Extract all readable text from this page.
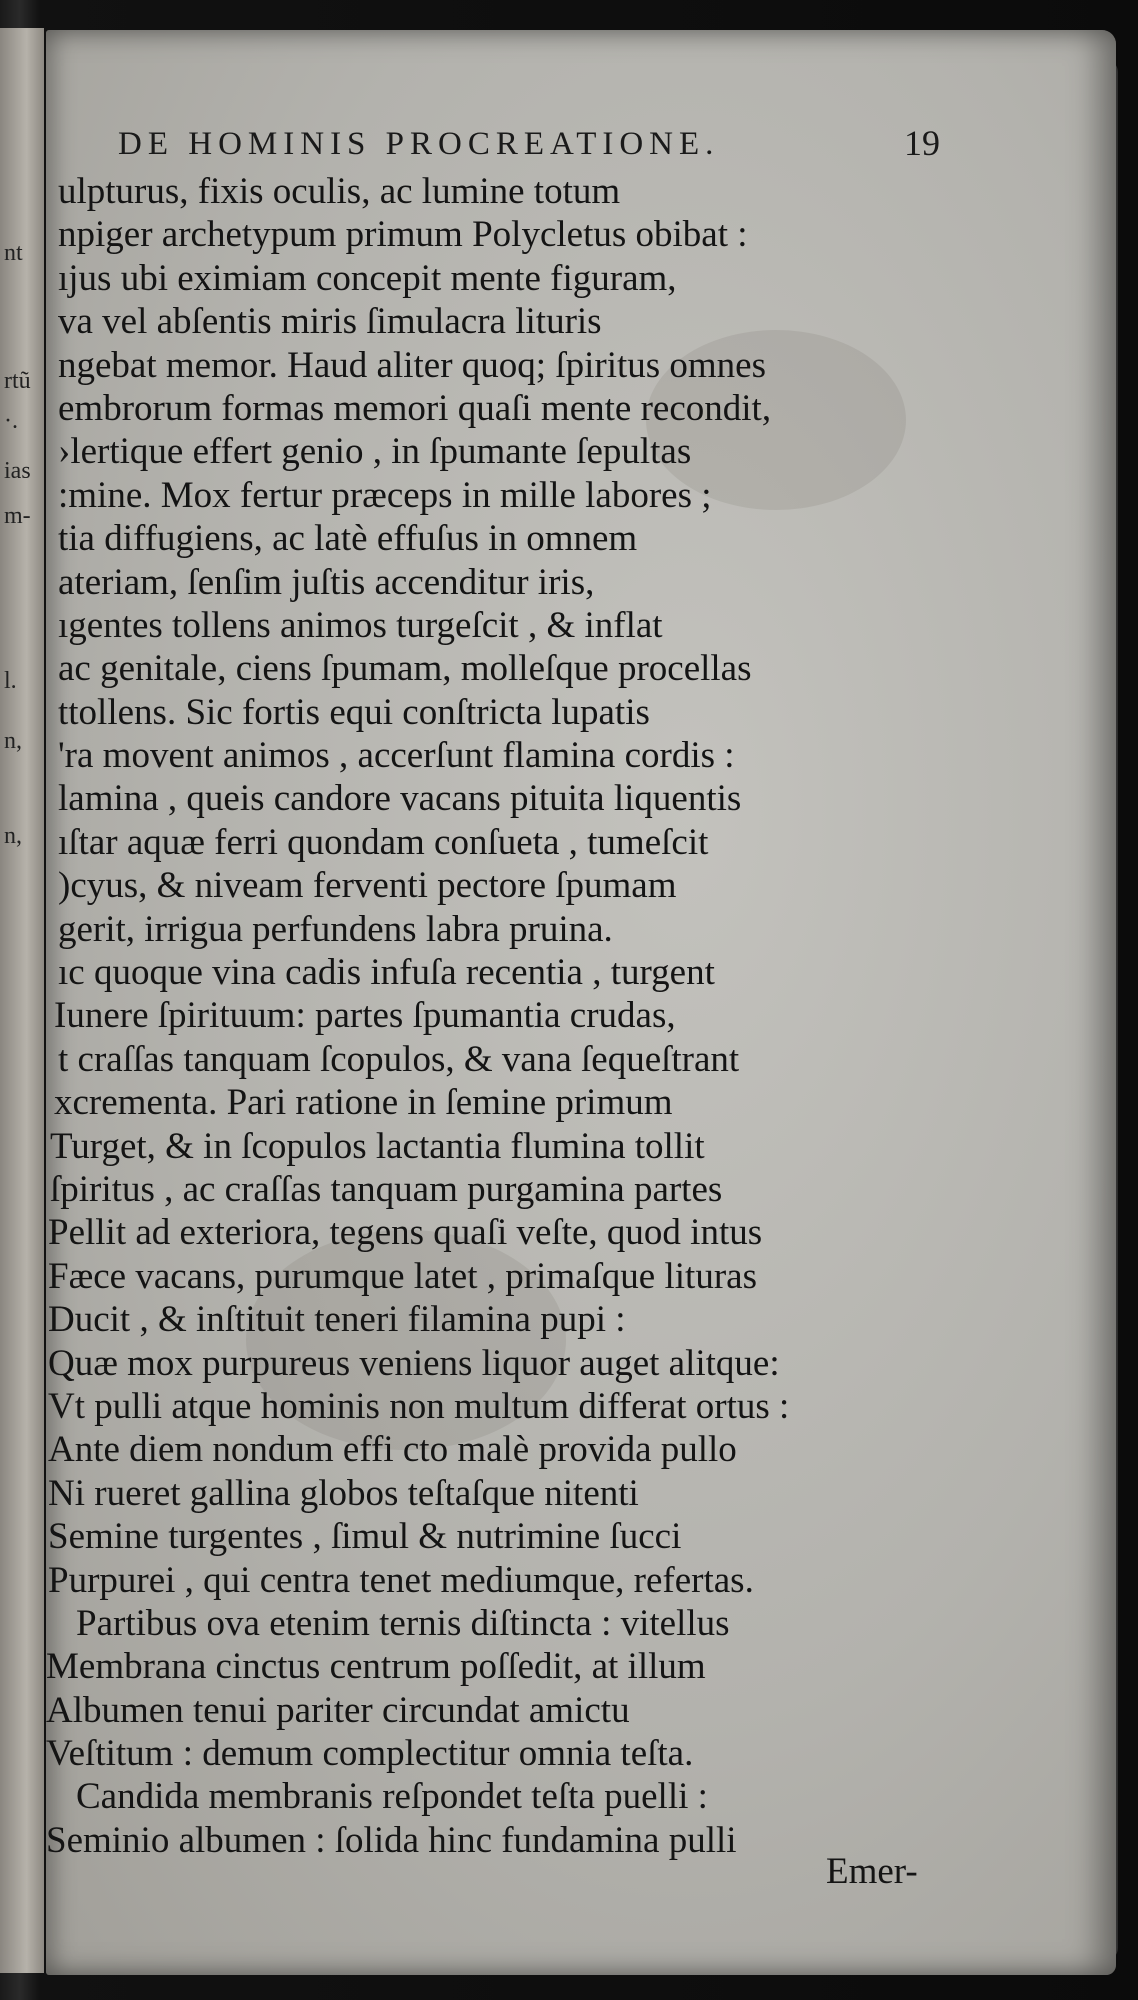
nt
rtũ
·.
ias
m-
l.
n,
n,
DE HOMINIS PROCREATIONE.	19
ulpturus, fixis oculis, ac lumine totum
npiger archetypum primum Polycletus obibat :
ıjus ubi eximiam concepit mente figuram,
va vel abſentis miris ſimulacra lituris
ngebat memor. Haud aliter quoq; ſpiritus omnes
embrorum formas memori quaſi mente recondit,
›lertique effert genio , in ſpumante ſepultas
:mine. Mox fertur præceps in mille labores ;
tia diffugiens, ac latè effuſus in omnem
ateriam, ſenſim juſtis accenditur iris,
ıgentes tollens animos turgeſcit , & inflat
ac genitale, ciens ſpumam, molleſque procellas
ttollens. Sic fortis equi conſtricta lupatis
'ra movent animos , accerſunt flamina cordis :
lamina , queis candore vacans pituita liquentis
ıſtar aquæ ferri quondam conſueta , tumeſcit
)cyus, & niveam ferventi pectore ſpumam
gerit, irrigua perfundens labra pruina.
ıc quoque vina cadis infuſa recentia , turgent
Iunere ſpirituum: partes ſpumantia crudas,
t craſſas tanquam ſcopulos, & vana ſequeſtrant
xcrementa. Pari ratione in ſemine primum
Turget, & in ſcopulos lactantia flumina tollit
ſpiritus , ac craſſas tanquam purgamina partes
Pellit ad exteriora, tegens quaſi veſte, quod intus
Fæce vacans, purumque latet , primaſque lituras
Ducit , & inſtituit teneri filamina pupi :
Quæ mox purpureus veniens liquor auget alitque:
Vt pulli atque hominis non multum differat ortus :
Ante diem nondum effi cto malè provida pullo
Ni rueret gallina globos teſtaſque nitenti
Semine turgentes , ſimul & nutrimine ſucci
Purpurei , qui centra tenet mediumque, refertas.
Partibus ova etenim ternis diſtincta : vitellus
Membrana cinctus centrum poſſedit, at illum
Albumen tenui pariter circundat amictu
Veſtitum : demum complectitur omnia teſta.
Candida membranis reſpondet teſta puelli :
Seminio albumen : ſolida hinc fundamina pulli
Emer-
